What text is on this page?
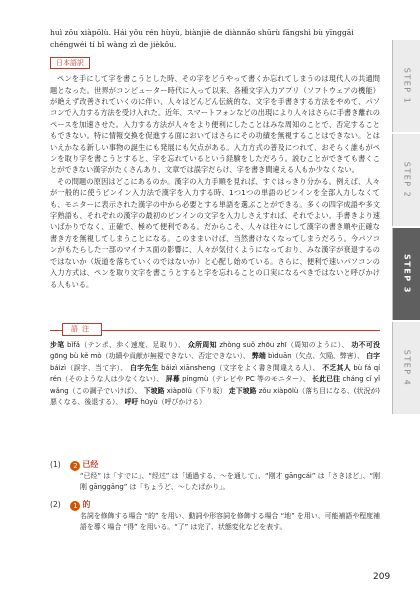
huì zōu xiàpōlù. Hái yǒu rén hùyù, biànjiè de diànnǎo shūrù fāngshì bù yīnggāi

chéngwéi tí bǐ wàng zì de jièkǒu.

日本語訳

ペンを手にして字を書こうとした時、その字をどうやって書くか忘れてしまうのは現代人の共通問題となった。世界がコンピューター時代に入って以来、各種文字入力アプリ（ソフトウェアの機能）が絶えず改善されていくのに伴い、人々はどんどん伝統的な、文字を手書きする方法をやめて、パソコンで入力する方法を受け入れた。近年、スマートフォンなどの出現により人々はさらに手書き離れのペースを加速させた。入力する方法が人々をより便利にしたことはみな周知のことで、否定することもできない。特に情報交換を促進する面においてはさらにその功績を無視することはできない。とはいえかなる新しい事物の誕生にも発展にも欠点がある。入力方式の普及につれて、おそらく誰もがペンを取り字を書こうとすると、字を忘れているという経験をしただろう。説むことができても書くことができない漢字がたくさんあり、文章では誤字だらけ、字を書き間違える人もか少なくない。

その問題の原因はどこにあるのか。漢字の入力手順を見れば、すぐはっきり分かる。例えば、人々が一般的に使うピンイン入力法で漢字を入力する時、1つ1つの単語のピンインを全部入力しなくても、モニターに表示された漢字の中から必要とする単語を選ぶことができる。多くの四字成語や多文字熟語も、それぞれの漢字の最初のピンインの文字を入力しさえすれば、それでよい。手書きより速いばかりでなく、正確で、極めて便利である。だからこそ、人々は往々にして漢字の書き順や正確な書き方を無視してしまうことになる。このままいけば、当然書けなくなってしまうだろう。今パソコンがもたらした一部のマイナス面の影響に、人々が気付くようになっており、みな漢字が衰退するのではないか（坂道を落ちていくのではないか）と心配し始めている。さらに、便利で速いパソコンの入力方式は、ペンを取り文字を書こうとすると字を忘れることの口実になるべきではないと呼びかける人もいる。

語注

步笔 bǐfǎ（テンポ、歩く速度、足取り）、 众所周知 zhòng suǒ zhōu zhī（周知のように）、 功不可没 gōng bù kě mò（功績や貢献が無視できない、否定できない）、 弊端 bìduān（欠点、欠陥、弊害）、 白字 báizì（誤字、当て字）、 白字先生 báizì xiānsheng（文字をよく書き間違える人）、 不乏其人 bù fá qí rén（そのような人は少なくない）、 屏幕 píngmù（テレビや PC 等のモニター）、 长此已往 cháng cǐ yǐ wǎng（この調子でいけば）、 下坡路 xiàpōlù（下り坂） 走下坡路 zǒu xiàpōlù（落ち目になる、(状況が) 悪くなる、後退する）、 呼吁 hūyù（呼びかける）

(1) 2 已经

“已经” は「すでに」、“经过” は「通過する、～を通して」、“刚才 gāngcái” は「さきほど」、“刚刚 gānggāng” は「ちょうど、～したばかり」。

(2) 1 的

名詞を修飾する場合 “的” を用い、動詞や形容詞を修飾する場合 “地” を用い、可能補語や程度補語を導く場合 “得” を用いる。“了” は完了、状態変化などを表す。

STEP 1
STEP 2
STEP 3
STEP 4
209
